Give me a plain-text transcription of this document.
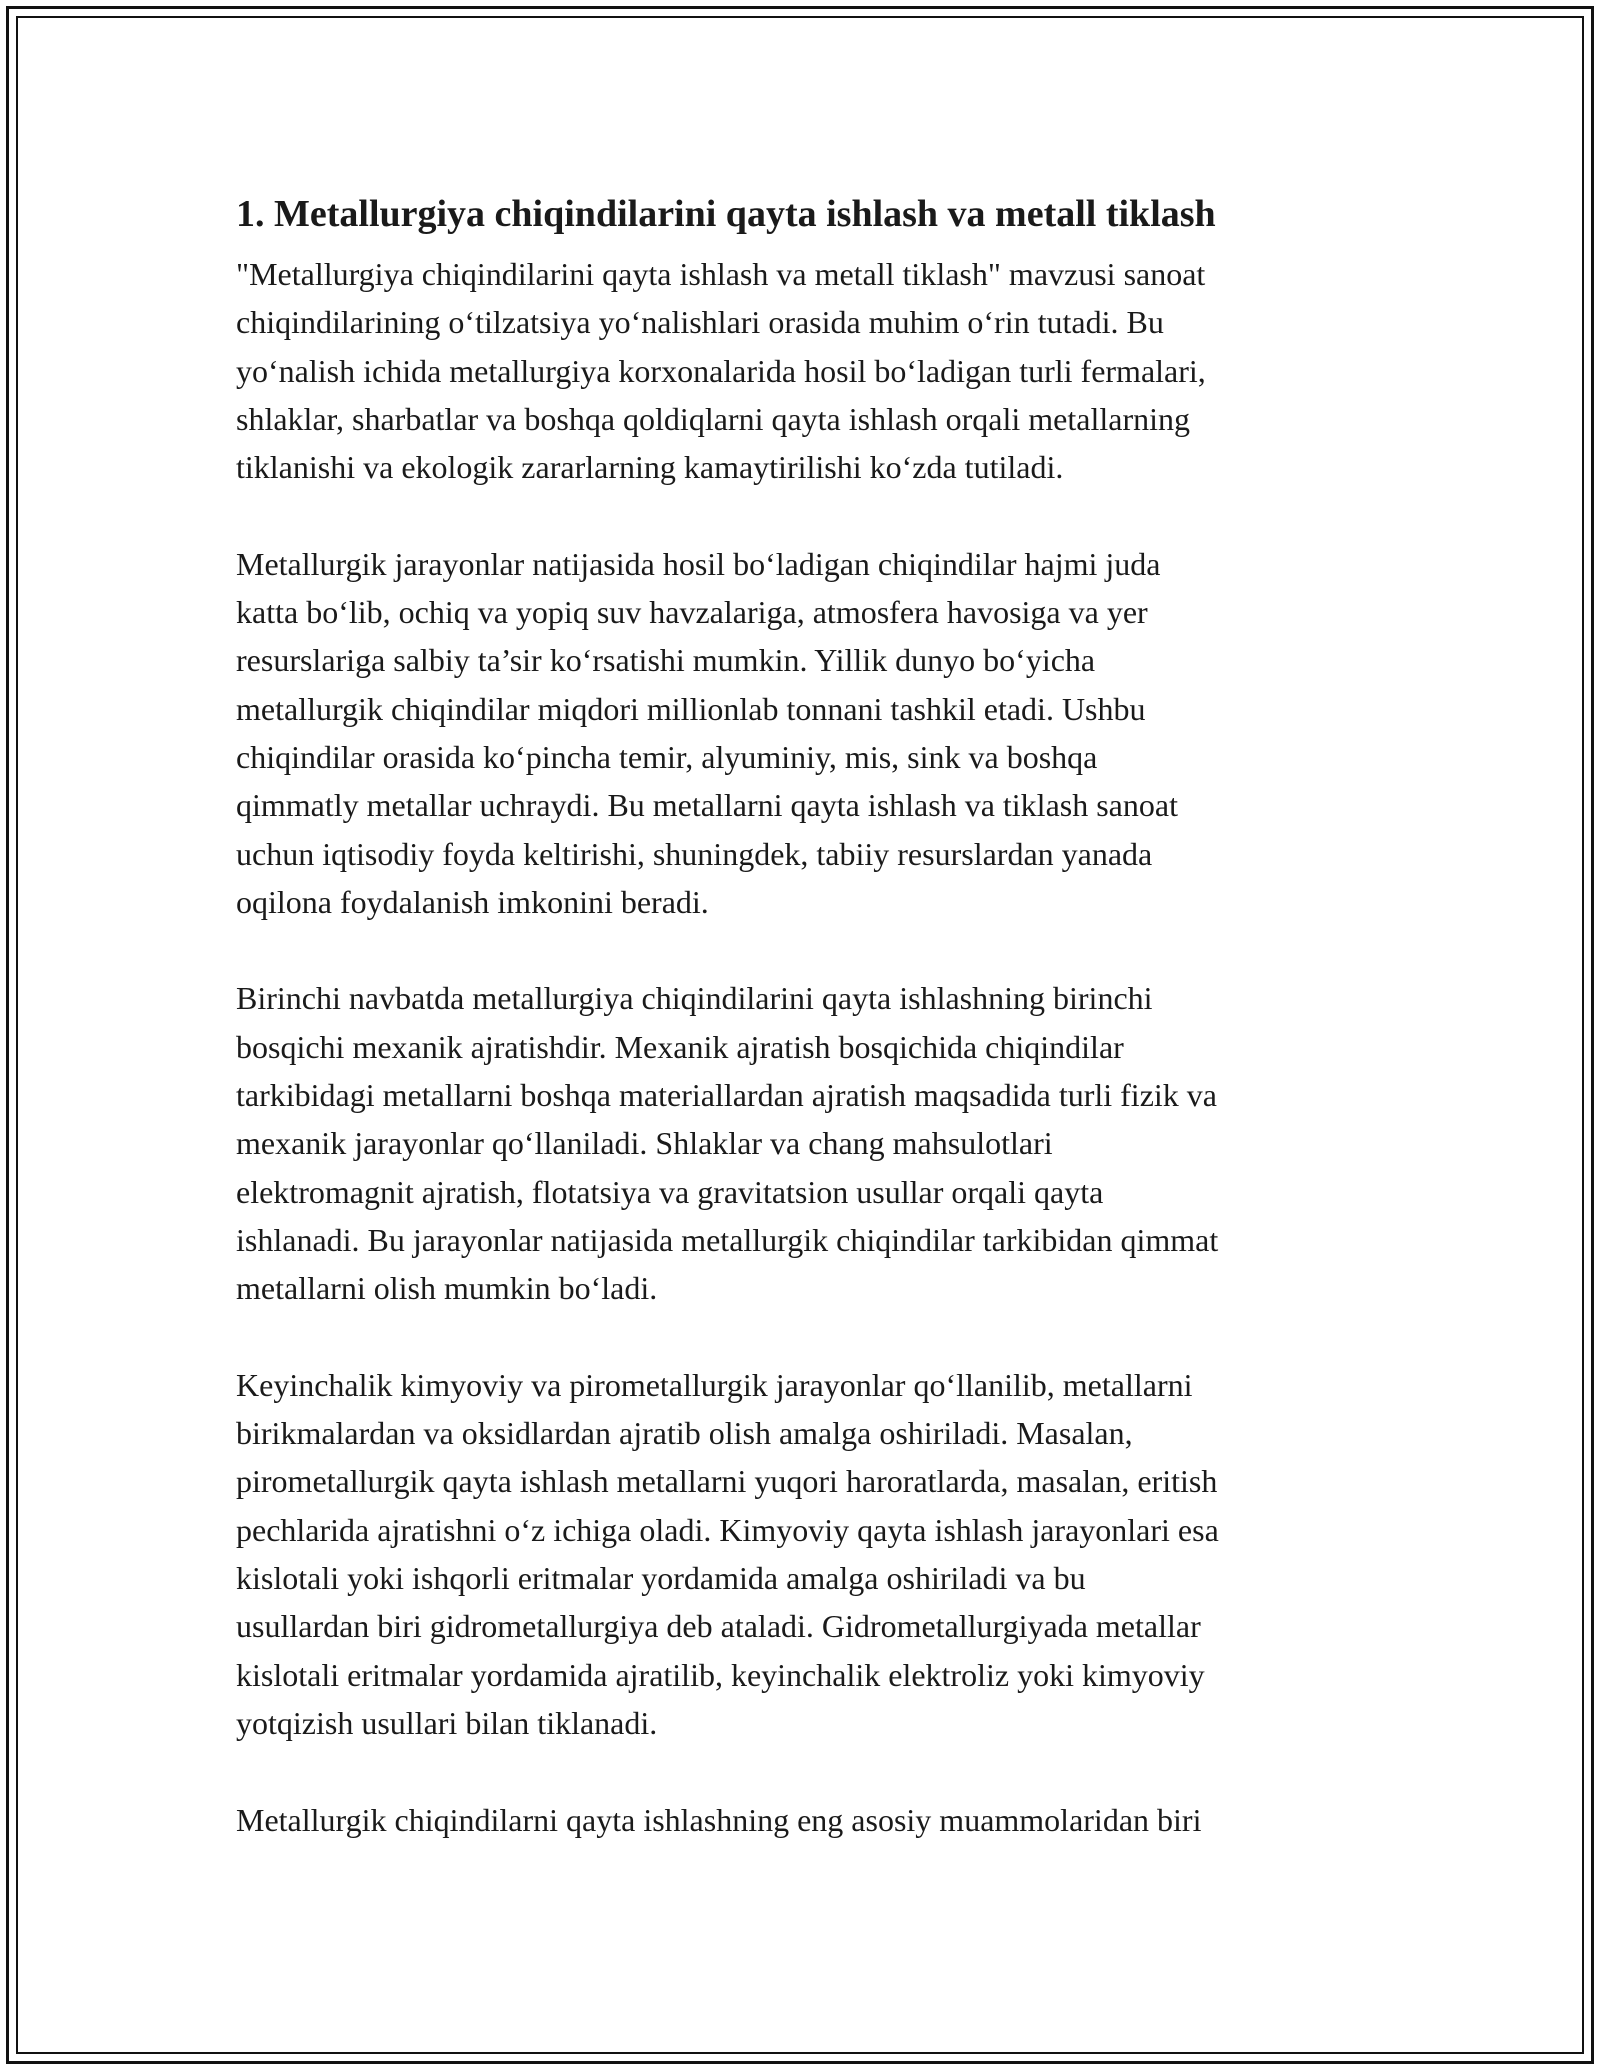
1. Metallurgiya chiqindilarini qayta ishlash va metall tiklash

"Metallurgiya chiqindilarini qayta ishlash va metall tiklash" mavzusi sanoat
chiqindilarining oʻtilzatsiya yoʻnalishlari orasida muhim oʻrin tutadi. Bu
yoʻnalish ichida metallurgiya korxonalarida hosil boʻladigan turli fermalari,
shlaklar, sharbatlar va boshqa qoldiqlarni qayta ishlash orqali metallarning
tiklanishi va ekologik zararlarning kamaytirilishi koʻzda tutiladi.

Metallurgik jarayonlar natijasida hosil boʻladigan chiqindilar hajmi juda
katta boʻlib, ochiq va yopiq suv havzalariga, atmosfera havosiga va yer
resurslariga salbiy ta’sir koʻrsatishi mumkin. Yillik dunyo boʻyicha
metallurgik chiqindilar miqdori millionlab tonnani tashkil etadi. Ushbu
chiqindilar orasida koʻpincha temir, alyuminiy, mis, sink va boshqa
qimmatly metallar uchraydi. Bu metallarni qayta ishlash va tiklash sanoat
uchun iqtisodiy foyda keltirishi, shuningdek, tabiiy resurslardan yanada
oqilona foydalanish imkonini beradi.

Birinchi navbatda metallurgiya chiqindilarini qayta ishlashning birinchi
bosqichi mexanik ajratishdir. Mexanik ajratish bosqichida chiqindilar
tarkibidagi metallarni boshqa materiallardan ajratish maqsadida turli fizik va
mexanik jarayonlar qoʻllaniladi. Shlaklar va chang mahsulotlari
elektromagnit ajratish, flotatsiya va gravitatsion usullar orqali qayta
ishlanadi. Bu jarayonlar natijasida metallurgik chiqindilar tarkibidan qimmat
metallarni olish mumkin boʻladi.

Keyinchalik kimyoviy va pirometallurgik jarayonlar qoʻllanilib, metallarni
birikmalardan va oksidlardan ajratib olish amalga oshiriladi. Masalan,
pirometallurgik qayta ishlash metallarni yuqori haroratlarda, masalan, eritish
pechlarida ajratishni oʻz ichiga oladi. Kimyoviy qayta ishlash jarayonlari esa
kislotali yoki ishqorli eritmalar yordamida amalga oshiriladi va bu
usullardan biri gidrometallurgiya deb ataladi. Gidrometallurgiyada metallar
kislotali eritmalar yordamida ajratilib, keyinchalik elektroliz yoki kimyoviy
yotqizish usullari bilan tiklanadi.

Metallurgik chiqindilarni qayta ishlashning eng asosiy muammolaridan biri
